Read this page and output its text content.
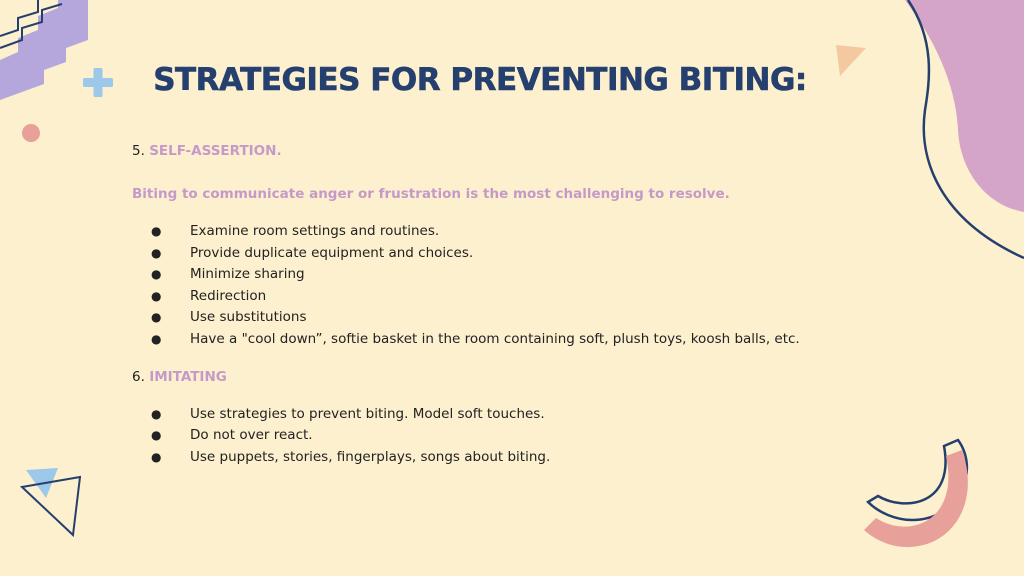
STRATEGIES FOR PREVENTING BITING:
5. SELF-ASSERTION.
Biting to communicate anger or frustration is the most challenging to resolve.
● Examine room settings and routines.
● Provide duplicate equipment and choices.
● Minimize sharing
● Redirection
● Use substitutions
● Have a "cool down”, softie basket in the room containing soft, plush toys, koosh balls, etc.
6. IMITATING
● Use strategies to prevent biting. Model soft touches.
● Do not over react.
● Use puppets, stories, fingerplays, songs about biting.
